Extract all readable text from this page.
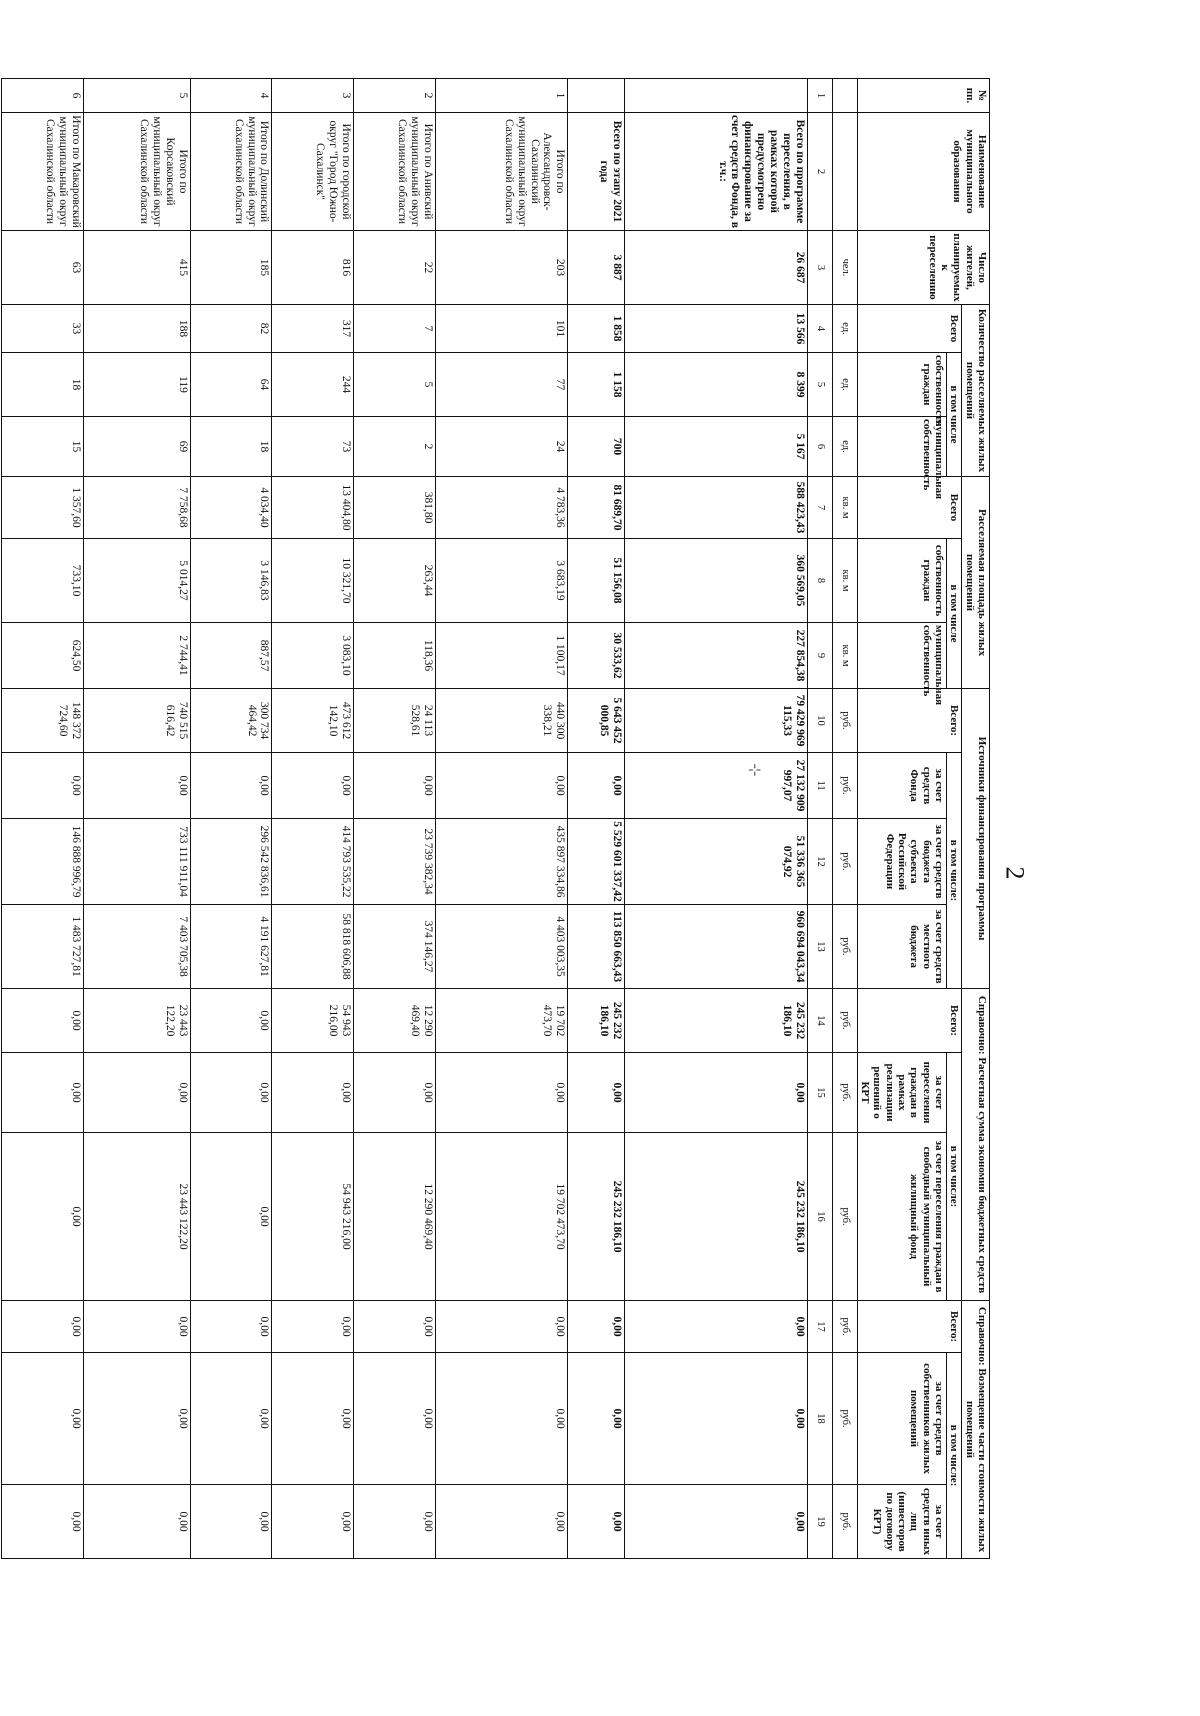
2
⊹
№ пп.	Наименование муниципального образования	Число жителей, планируемых к переселению	Количество расселяемых жилых помещений			Расселяемая площадь жилых помещений			Источники финансирования программы				Справочно: Расчетная сумма экономии бюджетных средств			Справочно: Возмещение части стоимости жилых помещений		
			Всего	в том числе		Всего	в том числе		Всего:	в том числе:			Всего:	в том числе:		Всего:	в том числе:	
				собственность граждан	муниципальная собственность		собственность граждан	муниципальная собственность		за счет средств Фонда	за счет средств бюджета субъекта Российской Федерации	за счет средств местного бюджета		за счет переселения граждан в рамках реализации решений о КРТ	за счет переселения граждан в свободный муниципальный жилищный фонд		за счет средств собственников жилых помещений	за счет средств иных лиц (инвесторов по договору КРТ)

		чел.	ед.	ед.	ед.	кв. м	кв. м	кв. м	руб.	руб.	руб.	руб.	руб.	руб.	руб.	руб.	руб.	руб.
1	2	3	4	5	6	7	8	9	10	11	12	13	14	15	16	17	18	19
	Всего по программе переселения, в рамках которой предусмотрено финансирование за счет средств Фонда, в т.ч.:	26 687	13 566	8 399	5 167	588 423,43	360 569,05	227 854,38	79 429 969 115,33	27 132 909 997,07	51 336 365 074,92	960 694 043,34	245 232 186,10	0,00	245 232 186,10	0,00	0,00	0,00
	Всего по этапу 2021 года	3 887	1 858	1 158	700	81 689,70	51 156,08	30 533,62	5 643 452 000,85	0,00	5 529 601 337,42	113 850 663,43	245 232 186,10	0,00	245 232 186,10	0,00	0,00	0,00
1	Итого по Александровск-Сахалинский муниципальный округ Сахалинской области	203	101	77	24	4 783,36	3 683,19	1 100,17	440 300 338,21	0,00	435 897 334,86	4 403 003,35	19 702 473,70	0,00	19 702 473,70	0,00	0,00	0,00
2	Итого по Анивский муниципальный округ Сахалинской области	22	7	5	2	381,80	263,44	118,36	24 113 528,61	0,00	23 739 382,34	374 146,27	12 290 469,40	0,00	12 290 469,40	0,00	0,00	0,00
3	Итого по городской округ "Город Южно-Сахалинск"	816	317	244	73	13 404,80	10 321,70	3 083,10	473 612 142,10	0,00	414 793 535,22	58 818 606,88	54 943 216,00	0,00	54 943 216,00	0,00	0,00	0,00
4	Итого по Долинский муниципальный округ Сахалинской области	185	82	64	18	4 034,40	3 146,83	887,57	300 734 464,42	0,00	296 542 836,61	4 191 627,81	0,00	0,00	0,00	0,00	0,00	0,00
5	Итого по Корсаковский муниципальный округ Сахалинской области	415	188	119	69	7 758,68	5 014,27	2 744,41	740 515 616,42	0,00	733 111 911,04	7 403 705,38	23 443 122,20	0,00	23 443 122,20	0,00	0,00	0,00
6	Итого по Макаровский муниципальный округ Сахалинской области	63	33	18	15	1 357,60	733,10	624,50	148 372 724,60	0,00	146 888 996,79	1 483 727,81	0,00	0,00	0,00	0,00	0,00	0,00
